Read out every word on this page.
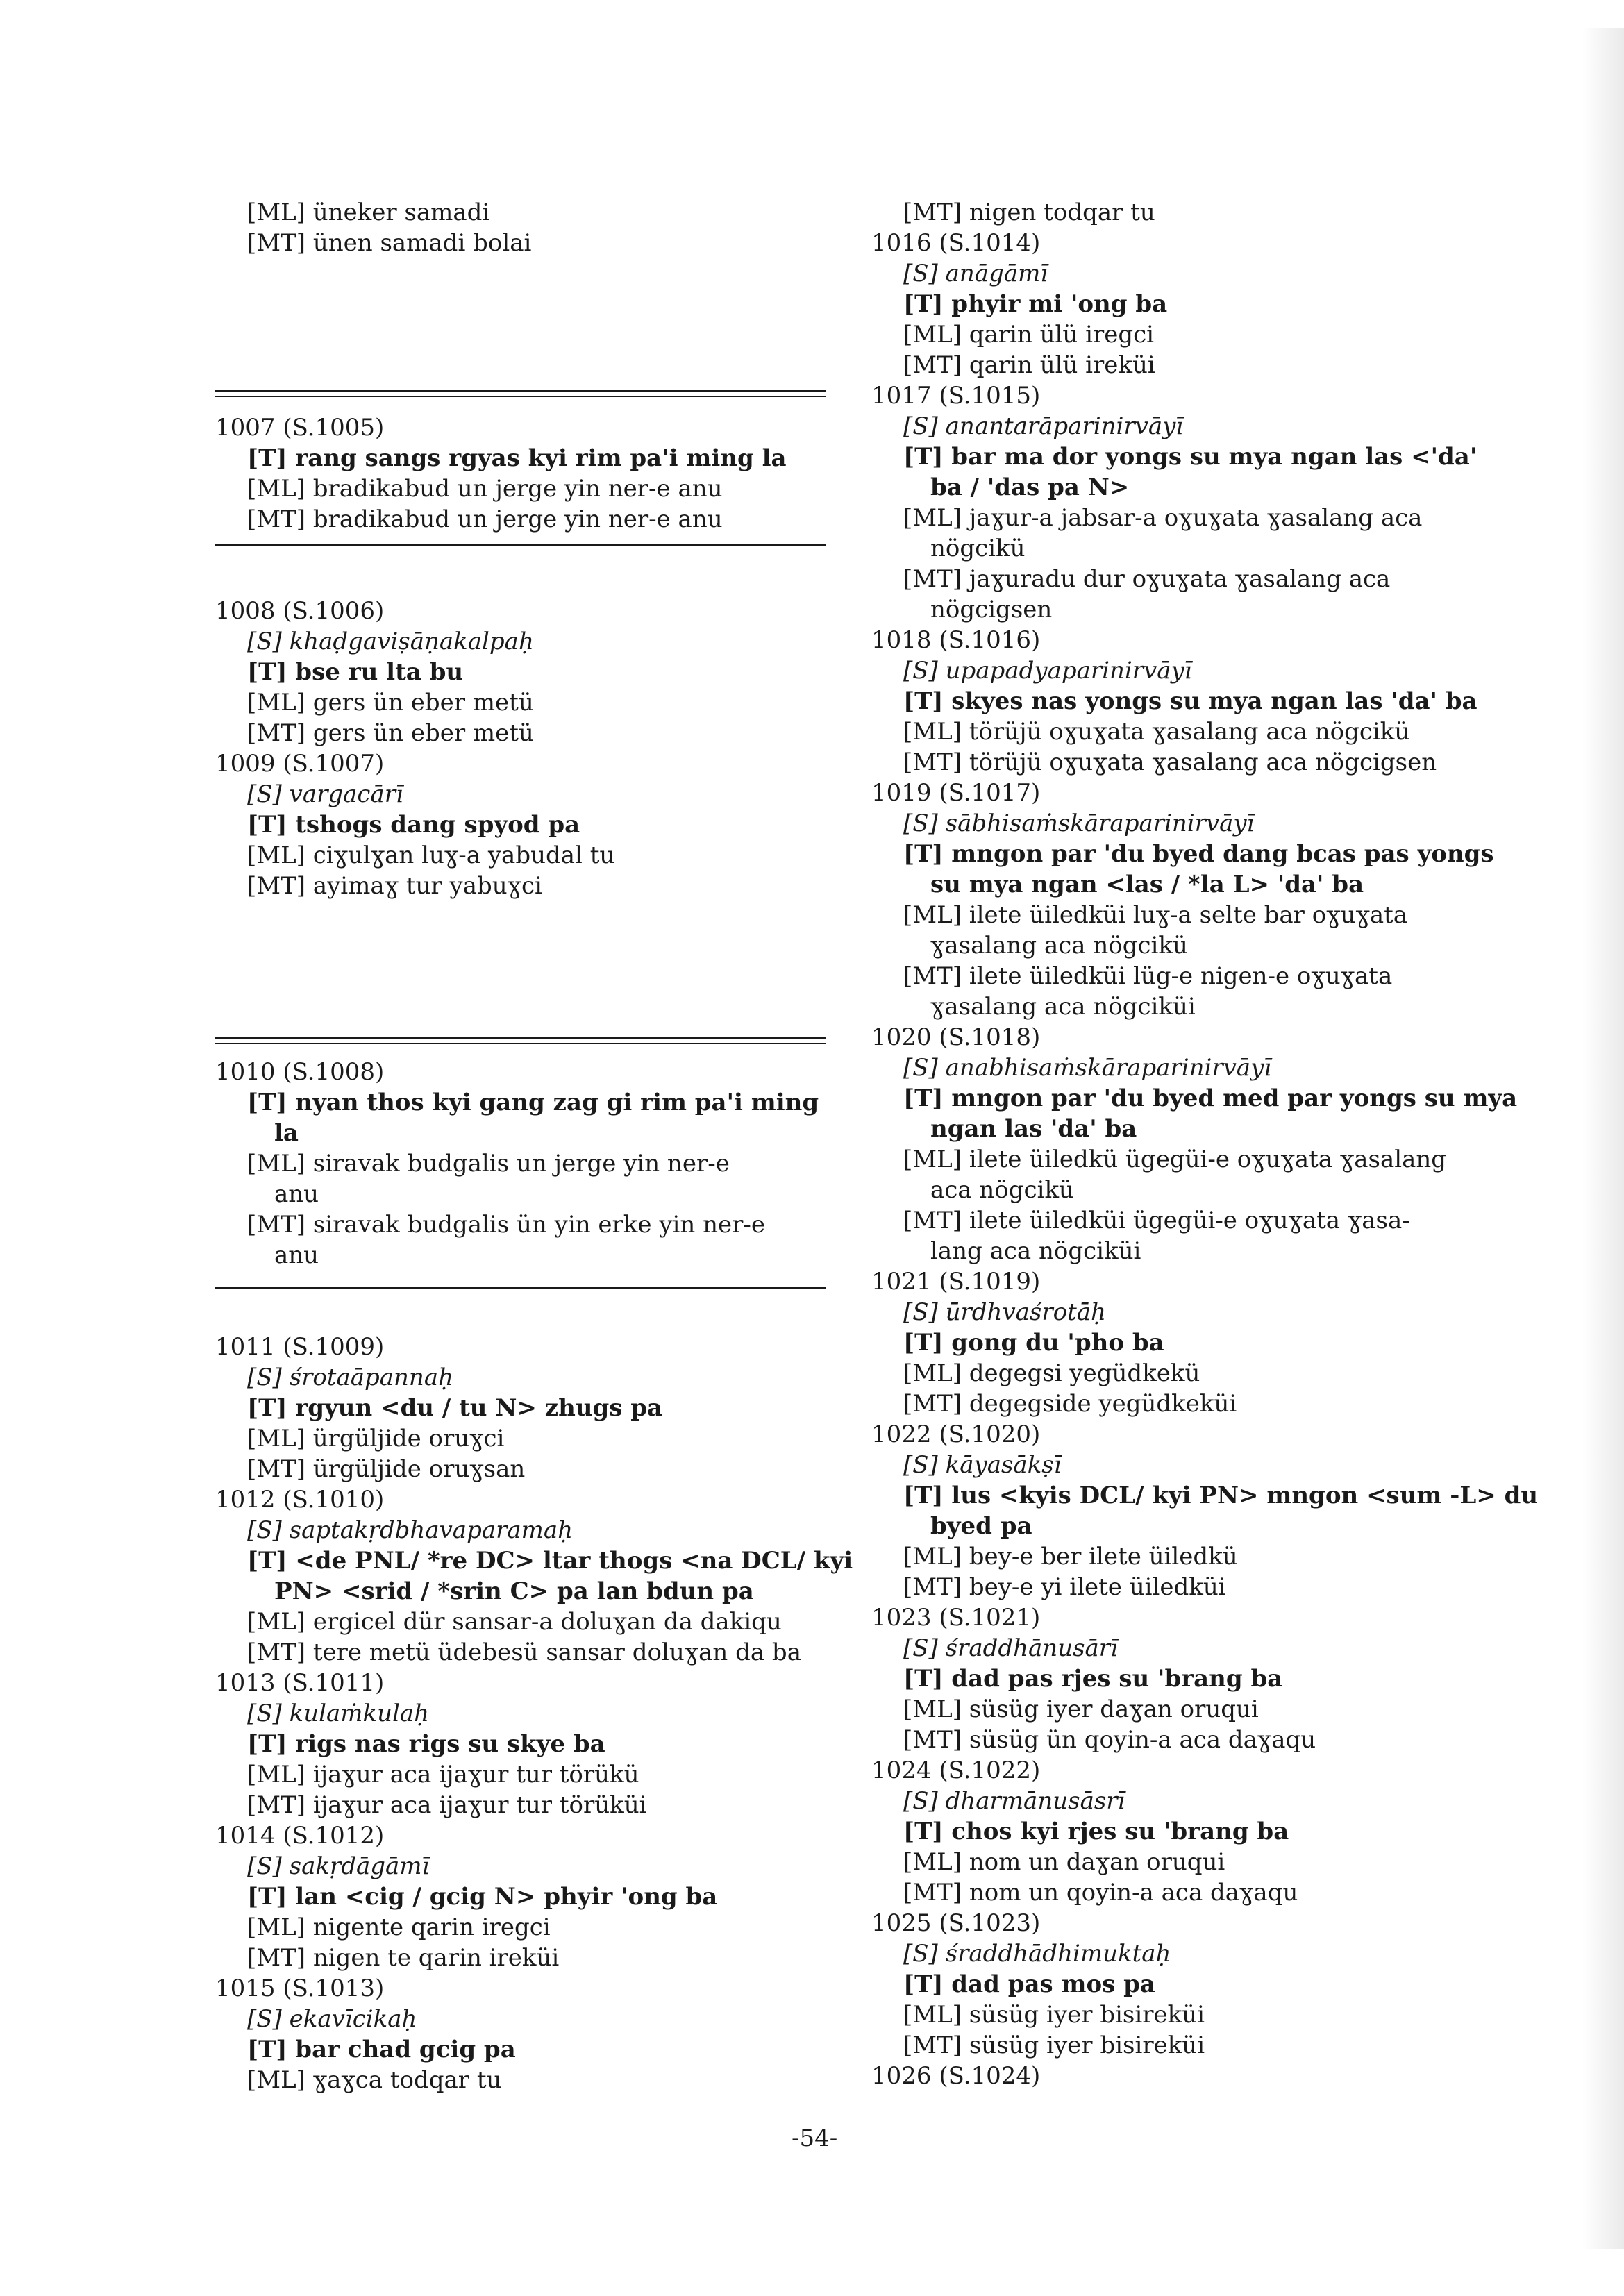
[ML] üneker samadi
[MT] ünen samadi bolai
1007 (S.1005)
[T] rang sangs rgyas kyi rim pa'i ming la
[ML] bradikabud un jerge yin ner-e anu
[MT] bradikabud un jerge yin ner-e anu
1008 (S.1006)
[S] khaḍgaviṣāṇakalpaḥ
[T] bse ru lta bu
[ML] gers ün eber metü
[MT] gers ün eber metü
1009 (S.1007)
[S] vargacārī
[T] tshogs dang spyod pa
[ML] ciɣulɣan luɣ-a yabudal tu
[MT] ayimaɣ tur yabuɣci
1010 (S.1008)
[T] nyan thos kyi gang zag gi rim pa'i ming
la
[ML] siravak budgalis un jerge yin ner-e
anu
[MT] siravak budgalis ün yin erke yin ner-e
anu
1011 (S.1009)
[S] śrotaāpannaḥ
[T] rgyun <du / tu N> zhugs pa
[ML] ürgüljide oruɣci
[MT] ürgüljide oruɣsan
1012 (S.1010)
[S] saptakṛdbhavaparamaḥ
[T] <de PNL/ *re DC> ltar thogs <na DCL/ kyi
PN> <srid / *srin C> pa lan bdun pa
[ML] ergicel dür sansar-a doluɣan da dakiqu
[MT] tere metü üdebesü sansar doluɣan da ba
1013 (S.1011)
[S] kulaṁkulaḥ
[T] rigs nas rigs su skye ba
[ML] ijaɣur aca ijaɣur tur törükü
[MT] ijaɣur aca ijaɣur tur törüküi
1014 (S.1012)
[S] sakṛdāgāmī
[T] lan <cig / gcig N> phyir 'ong ba
[ML] nigente qarin iregci
[MT] nigen te qarin ireküi
1015 (S.1013)
[S] ekavīcikaḥ
[T] bar chad gcig pa
[ML] ɣaɣca todqar tu
[MT] nigen todqar tu
1016 (S.1014)
[S] anāgāmī
[T] phyir mi 'ong ba
[ML] qarin ülü iregci
[MT] qarin ülü ireküi
1017 (S.1015)
[S] anantarāparinirvāyī
[T] bar ma dor yongs su mya ngan las <'da'
ba / 'das pa N>
[ML] jaɣur-a jabsar-a oɣuɣata ɣasalang aca
nögcikü
[MT] jaɣuradu dur oɣuɣata ɣasalang aca
nögcigsen
1018 (S.1016)
[S] upapadyaparinirvāyī
[T] skyes nas yongs su mya ngan las 'da' ba
[ML] törüjü oɣuɣata ɣasalang aca nögcikü
[MT] törüjü oɣuɣata ɣasalang aca nögcigsen
1019 (S.1017)
[S] sābhisaṁskāraparinirvāyī
[T] mngon par 'du byed dang bcas pas yongs
su mya ngan <las / *la L> 'da' ba
[ML] ilete üiledküi luɣ-a selte bar oɣuɣata
ɣasalang aca nögcikü
[MT] ilete üiledküi lüg-e nigen-e oɣuɣata
ɣasalang aca nögciküi
1020 (S.1018)
[S] anabhisaṁskāraparinirvāyī
[T] mngon par 'du byed med par yongs su mya
ngan las 'da' ba
[ML] ilete üiledkü ügegüi-e oɣuɣata ɣasalang
aca nögcikü
[MT] ilete üiledküi ügegüi-e oɣuɣata ɣasa-
lang aca nögciküi
1021 (S.1019)
[S] ūrdhvaśrotāḥ
[T] gong du 'pho ba
[ML] degegsi yegüdkekü
[MT] degegside yegüdkeküi
1022 (S.1020)
[S] kāyasākṣī
[T] lus <kyis DCL/ kyi PN> mngon <sum -L> du
byed pa
[ML] bey-e ber ilete üiledkü
[MT] bey-e yi ilete üiledküi
1023 (S.1021)
[S] śraddhānusārī
[T] dad pas rjes su 'brang ba
[ML] süsüg iyer daɣan oruqui
[MT] süsüg ün qoyin-a aca daɣaqu
1024 (S.1022)
[S] dharmānusāsrī
[T] chos kyi rjes su 'brang ba
[ML] nom un daɣan oruqui
[MT] nom un qoyin-a aca daɣaqu
1025 (S.1023)
[S] śraddhādhimuktaḥ
[T] dad pas mos pa
[ML] süsüg iyer bisireküi
[MT] süsüg iyer bisireküi
1026 (S.1024)
-54-
